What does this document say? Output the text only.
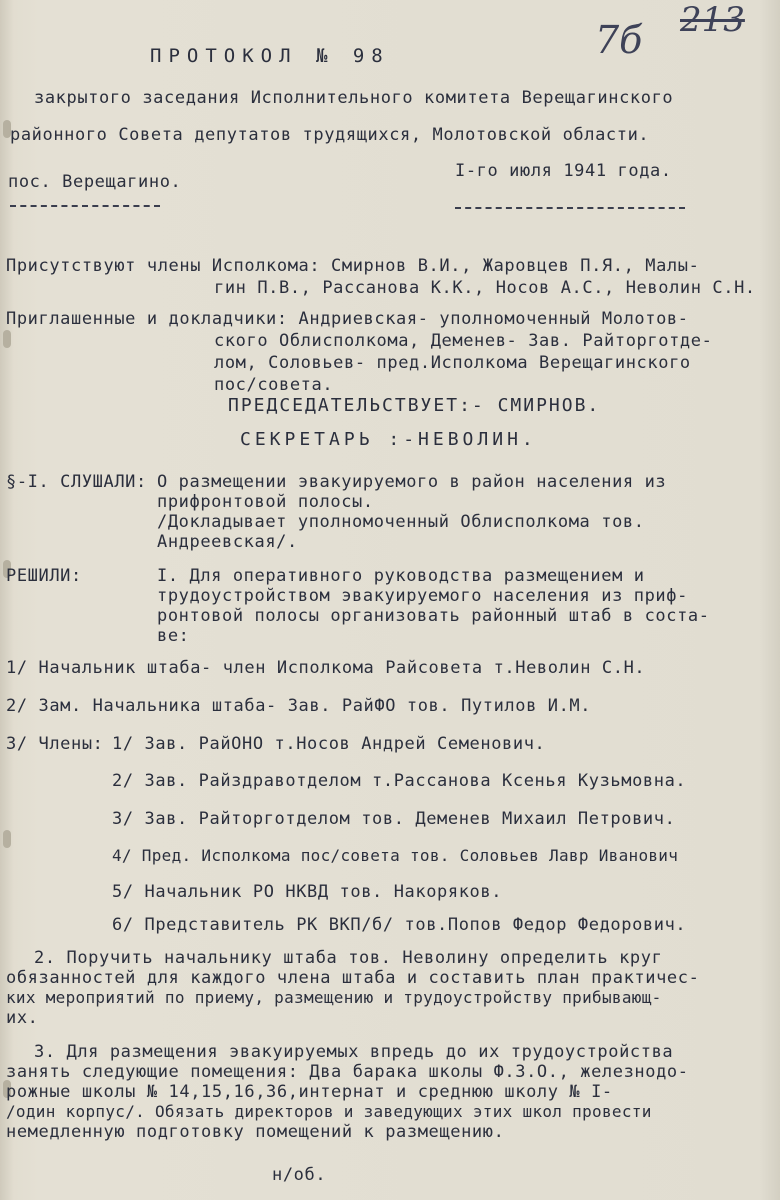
7б 213
ПРОТОКОЛ № 98
закрытого заседания Исполнительного комитета Верещагинского
районного Совета депутатов трудящихся, Молотовской области.
пос. Верещагино.
I-го июля 1941 года.
Присутствуют члены Исполкома: Смирнов В.И., Жаровцев П.Я., Малы-
гин П.В., Рассанова К.К., Носов А.С., Неволин С.Н.
Приглашенные и докладчики: Андриевская- уполномоченный Молотов-
ского Облисполкома, Деменев- Зав. Райторготде-
лом, Соловьев- пред.Исполкома Верещагинского
пос/совета.
ПРЕДСЕДАТЕЛЬСТВУЕТ:- СМИРНОВ.
СЕКРЕТАРЬ :-НЕВОЛИН.
§-I. СЛУШАЛИ: О размещении эвакуируемого в район населения из
прифронтовой полосы.
/Докладывает уполномоченный Облисполкома тов.
Андреевская/.
РЕШИЛИ:	I. Для оперативного руководства размещением и
трудоустройством эвакуируемого населения из приф-
ронтовой полосы организовать районный штаб в соста-
ве:
1/ Начальник штаба- член Исполкома Райсовета т.Неволин С.Н.
2/ Зам. Начальника штаба- Зав. РайФО тов. Путилов И.М.
3/ Члены: 1/ Зав. РайОНО т.Носов Андрей Семенович.
2/ Зав. Райздравотделом т.Рассанова Ксенья Кузьмовна.
3/ Зав. Райторготделом тов. Деменев Михаил Петрович.
4/ Пред. Исполкома пос/совета тов. Соловьев Лавр Иванович
5/ Начальник РО НКВД тов. Накоряков.
6/ Представитель РК ВКП/б/ тов.Попов Федор Федорович.
2. Поручить начальнику штаба тов. Неволину определить круг
обязанностей для каждого члена штаба и составить план практичес-
ких мероприятий по приему, размещению и трудоустройству прибывающ-
их.
3. Для размещения эвакуируемых впредь до их трудоустройства
занять следующие помещения: Два барака школы Ф.З.О., железнодо-
рожные школы № 14,15,16,36,интернат и среднюю школу № I-
/один корпус/. Обязать директоров и заведующих этих школ провести
немедленную подготовку помещений к размещению.
н/об.
